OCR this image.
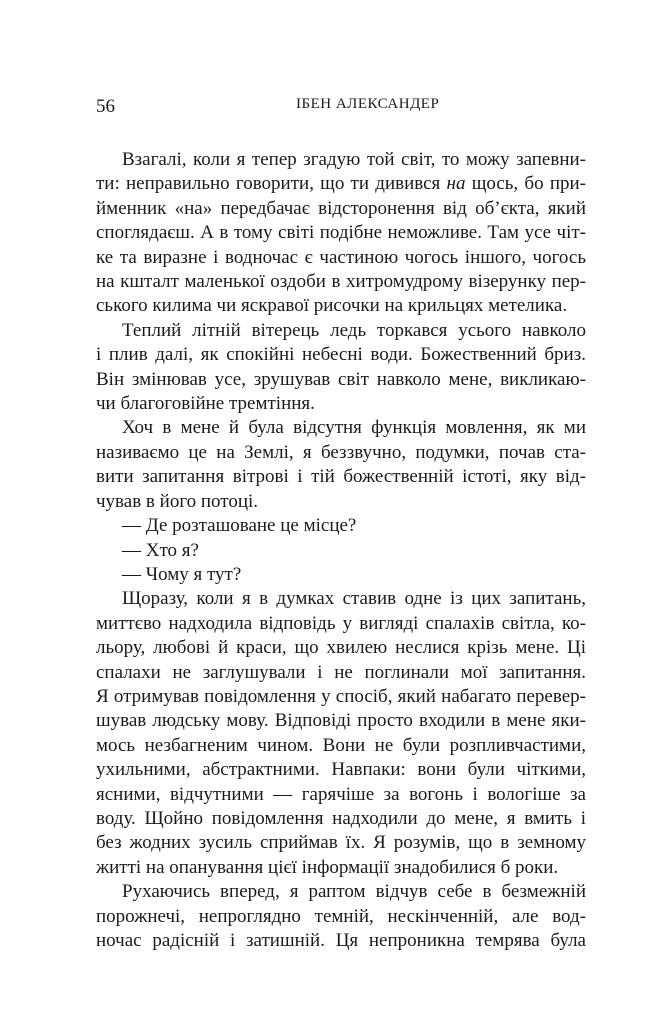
56	ІБЕН АЛЕКСАНДЕР
Взагалі, коли я тепер згадую той світ, то можу запевни-
ти: неправильно говорити, що ти дивився на щось, бо при-
йменник «на» передбачає відсторонення від об’єкта, який
споглядаєш. А в тому світі подібне неможливе. Там усе чіт-
ке та виразне і водночас є частиною чогось іншого, чогось
на кшталт маленької оздоби в хитромудрому візерунку пер-
ського килима чи яскравої рисочки на крильцях метелика.
Теплий літній вітерець ледь торкався усього навколо
і плив далі, як спокійні небесні води. Божественний бриз.
Він змінював усе, зрушував світ навколо мене, викликаю-
чи благоговійне тремтіння.
Хоч в мене й була відсутня функція мовлення, як ми
називаємо це на Землі, я беззвучно, подумки, почав ста-
вити запитання вітрові і тій божественній істоті, яку від-
чував в його потоці.
— Де розташоване це місце?
— Хто я?
— Чому я тут?
Щоразу, коли я в думках ставив одне із цих запитань,
миттєво надходила відповідь у вигляді спалахів світла, ко-
льору, любові й краси, що хвилею неслися крізь мене. Ці
спалахи не заглушували і не поглинали мої запитання.
Я отримував повідомлення у спосіб, який набагато перевер-
шував людську мову. Відповіді просто входили в мене яки-
мось незбагненим чином. Вони не були розпливчастими,
ухильними, абстрактними. Навпаки: вони були чіткими,
ясними, відчутними — гарячіше за вогонь і вологіше за
воду. Щойно повідомлення надходили до мене, я вмить і
без жодних зусиль сприймав їх. Я розумів, що в земному
житті на опанування цієї інформації знадобилися б роки.
Рухаючись вперед, я раптом відчув себе в безмежній
порожнечі, непроглядно темній, нескінченній, але вод-
ночас радісній і затишній. Ця непроникна темрява була
